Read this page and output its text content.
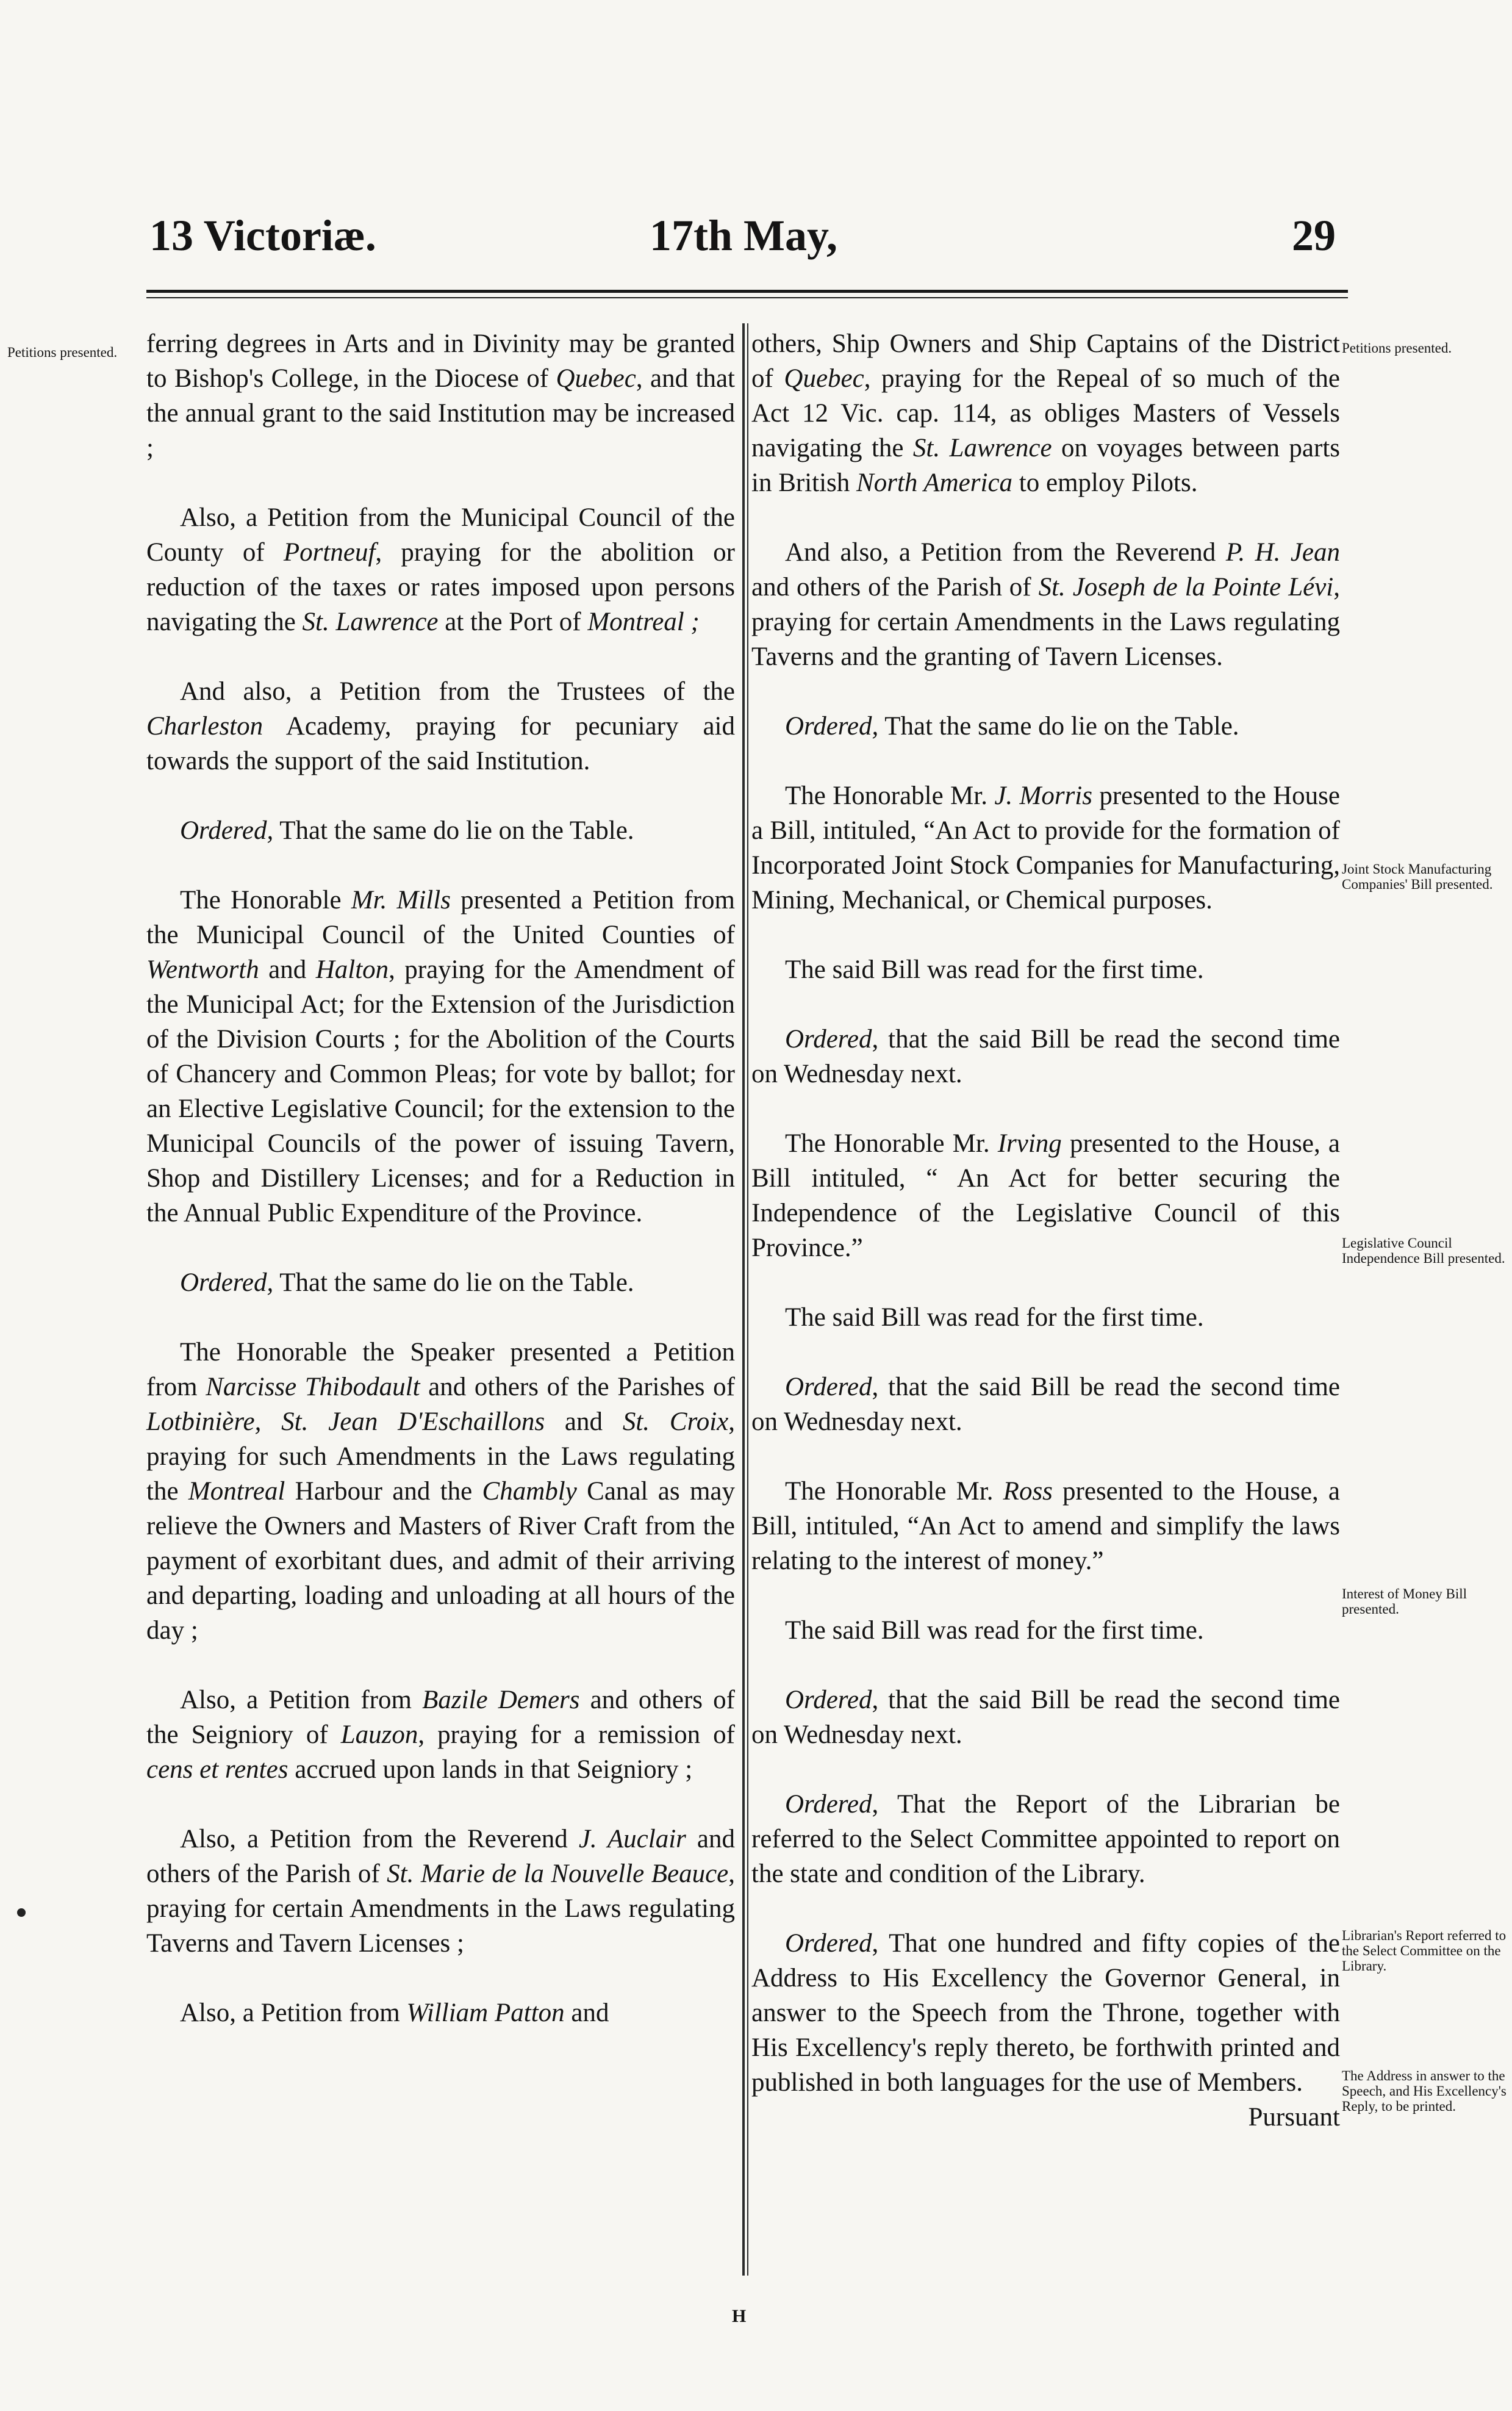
13 Victoriæ.	17th May,	29
Petitions presented.	Petitions presented.
Joint Stock Manufacturing Companies' Bill presented.
Legislative Council Independence Bill presented.
Interest of Money Bill presented.
Librarian's Report referred to the Select Committee on the Library.
The Address in answer to the Speech, and His Excellency's Reply, to be printed.

ferring degrees in Arts and in Divinity may be granted to Bishop's College, in the Diocese of Quebec, and that the annual grant to the said Institution may be increased ;

Also, a Petition from the Municipal Council of the County of Portneuf, praying for the abolition or reduction of the taxes or rates imposed upon persons navigating the St. Lawrence at the Port of Montreal ;

And also, a Petition from the Trustees of the Charleston Academy, praying for pecuniary aid towards the support of the said Institution.

Ordered, That the same do lie on the Table.

The Honorable Mr. Mills presented a Petition from the Municipal Council of the United Counties of Wentworth and Halton, praying for the Amendment of the Municipal Act; for the Extension of the Jurisdiction of the Division Courts ; for the Abolition of the Courts of Chancery and Common Pleas; for vote by ballot; for an Elective Legislative Council; for the extension to the Municipal Councils of the power of issuing Tavern, Shop and Distillery Licenses; and for a Reduction in the Annual Public Expenditure of the Province.

Ordered, That the same do lie on the Table.

The Honorable the Speaker presented a Petition from Narcisse Thibodault and others of the Parishes of Lotbinière, St. Jean D'Eschaillons and St. Croix, praying for such Amendments in the Laws regulating the Montreal Harbour and the Chambly Canal as may relieve the Owners and Masters of River Craft from the payment of exorbitant dues, and admit of their arriving and departing, loading and unloading at all hours of the day ;

Also, a Petition from Bazile Demers and others of the Seigniory of Lauzon, praying for a remission of cens et rentes accrued upon lands in that Seigniory ;

Also, a Petition from the Reverend J. Auclair and others of the Parish of St. Marie de la Nouvelle Beauce, praying for certain Amendments in the Laws regulating Taverns and Tavern Licenses ;

Also, a Petition from William Patton and

others, Ship Owners and Ship Captains of the District of Quebec, praying for the Repeal of so much of the Act 12 Vic. cap. 114, as obliges Masters of Vessels navigating the St. Lawrence on voyages between parts in British North America to employ Pilots.

And also, a Petition from the Reverend P. H. Jean and others of the Parish of St. Joseph de la Pointe Lévi, praying for certain Amendments in the Laws regulating Taverns and the granting of Tavern Licenses.

Ordered, That the same do lie on the Table.

The Honorable Mr. J. Morris presented to the House a Bill, intituled, “An Act to provide for the formation of Incorporated Joint Stock Companies for Manufacturing, Mining, Mechanical, or Chemical purposes.

The said Bill was read for the first time.

Ordered, that the said Bill be read the second time on Wednesday next.

The Honorable Mr. Irving presented to the House, a Bill intituled, “ An Act for better securing the Independence of the Legislative Council of this Province.”

The said Bill was read for the first time.

Ordered, that the said Bill be read the second time on Wednesday next.

The Honorable Mr. Ross presented to the House, a Bill, intituled, “An Act to amend and simplify the laws relating to the interest of money.”

The said Bill was read for the first time.

Ordered, that the said Bill be read the second time on Wednesday next.

Ordered, That the Report of the Librarian be referred to the Select Committee appointed to report on the state and condition of the Library.

Ordered, That one hundred and fifty copies of the Address to His Excellency the Governor General, in answer to the Speech from the Throne, together with His Excellency's reply thereto, be forthwith printed and published in both languages for the use of Members.

Pursuant

H
